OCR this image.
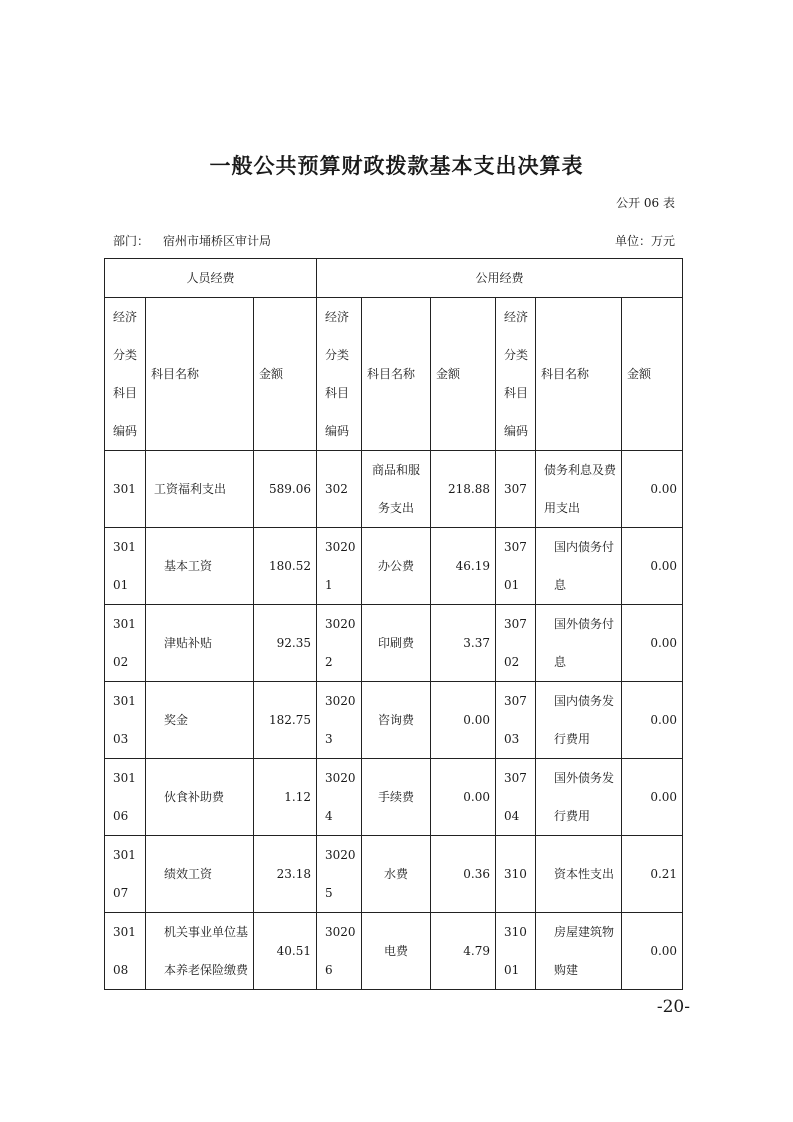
一般公共预算财政拨款基本支出决算表
公开 06 表
部门： 宿州市埇桥区审计局	单位：万元
人员经费			公用经费					
经济分类科目编码	科目名称	金额	经济分类科目编码	科目名称	金额	经济分类科目编码	科目名称	金额
301	工资福利支出	589.06	302	商品和服务支出	218.88	307	债务利息及费用支出	0.00
30101	基本工资	180.52	30201	办公费	46.19	30701	国内债务付息	0.00
30102	津贴补贴	92.35	30202	印刷费	3.37	30702	国外债务付息	0.00
30103	奖金	182.75	30203	咨询费	0.00	30703	国内债务发行费用	0.00
30106	伙食补助费	1.12	30204	手续费	0.00	30704	国外债务发行费用	0.00
30107	绩效工资	23.18	30205	水费	0.36	310	资本性支出	0.21
30108	机关事业单位基本养老保险缴费	40.51	30206	电费	4.79	31001	房屋建筑物购建	0.00
-20-
